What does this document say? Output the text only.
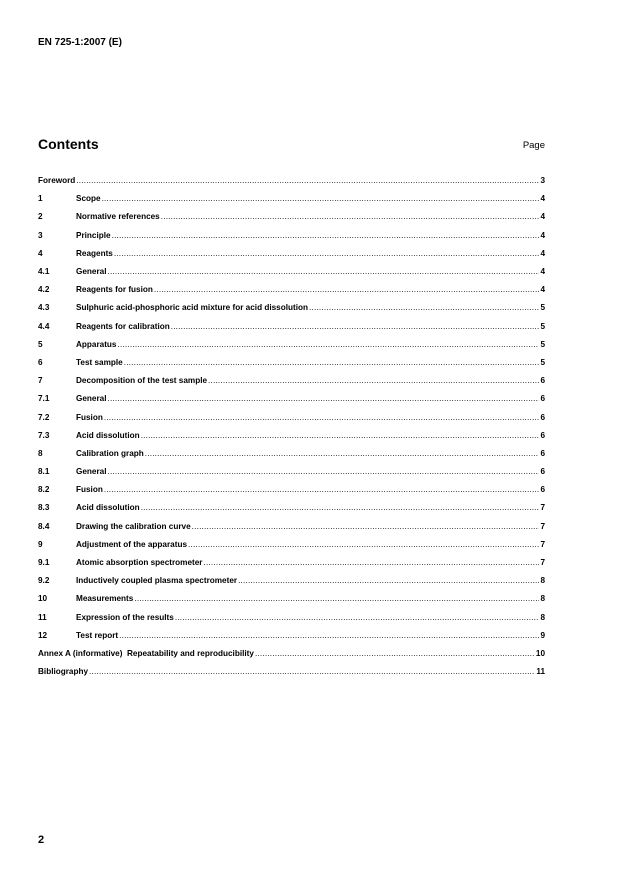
EN 725-1:2007 (E)
Contents	Page
Foreword .....	3
1	Scope .....	4
2	Normative references .....	4
3	Principle .....	4
4	Reagents .....	4
4.1	General .....	4
4.2	Reagents for fusion .....	4
4.3	Sulphuric acid-phosphoric acid mixture for acid dissolution .....	5
4.4	Reagents for calibration .....	5
5	Apparatus .....	5
6	Test sample .....	5
7	Decomposition of the test sample .....	6
7.1	General .....	6
7.2	Fusion .....	6
7.3	Acid dissolution .....	6
8	Calibration graph .....	6
8.1	General .....	6
8.2	Fusion .....	6
8.3	Acid dissolution .....	7
8.4	Drawing the calibration curve .....	7
9	Adjustment of the apparatus .....	7
9.1	Atomic absorption spectrometer .....	7
9.2	Inductively coupled plasma spectrometer .....	8
10	Measurements .....	8
11	Expression of the results .....	8
12	Test report .....	9
Annex A (informative)  Repeatability and reproducibility .....	10
Bibliography .....	11
2
